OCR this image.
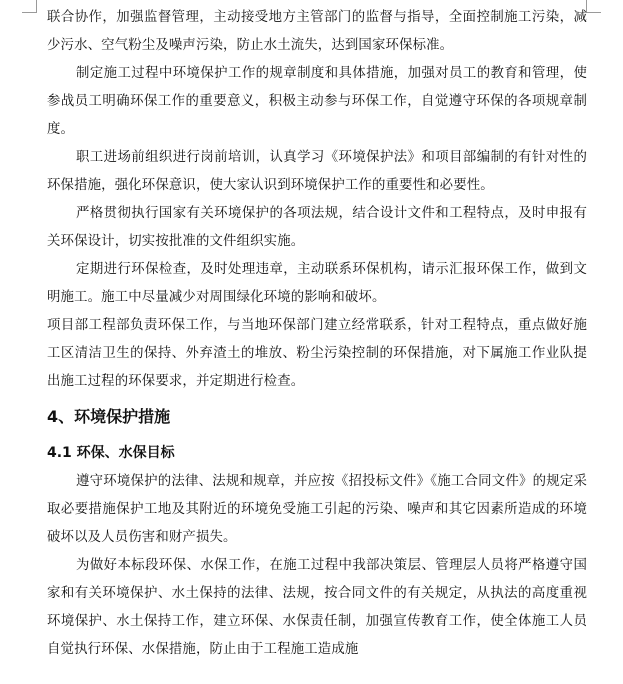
联合协作，加强监督管理，主动接受地方主管部门的监督与指导，全面控制施工污染，减少污水、空气粉尘及噪声污染，防止水土流失，达到国家环保标准。

制定施工过程中环境保护工作的规章制度和具体措施，加强对员工的教育和管理，使参战员工明确环保工作的重要意义，积极主动参与环保工作，自觉遵守环保的各项规章制度。

职工进场前组织进行岗前培训，认真学习《环境保护法》和项目部编制的有针对性的环保措施，强化环保意识，使大家认识到环境保护工作的重要性和必要性。

严格贯彻执行国家有关环境保护的各项法规，结合设计文件和工程特点，及时申报有关环保设计，切实按批准的文件组织实施。

定期进行环保检查，及时处理违章，主动联系环保机构，请示汇报环保工作，做到文明施工。施工中尽量减少对周围绿化环境的影响和破坏。

项目部工程部负责环保工作，与当地环保部门建立经常联系，针对工程特点，重点做好施工区清洁卫生的保持、外弃渣土的堆放、粉尘污染控制的环保措施，对下属施工作业队提出施工过程的环保要求，并定期进行检查。

4、环境保护措施
4.1 环保、水保目标

遵守环境保护的法律、法规和规章，并应按《招投标文件》《施工合同文件》的规定采取必要措施保护工地及其附近的环境免受施工引起的污染、噪声和其它因素所造成的环境破坏以及人员伤害和财产损失。

为做好本标段环保、水保工作，在施工过程中我部决策层、管理层人员将严格遵守国家和有关环境保护、水土保持的法律、法规，按合同文件的有关规定，从执法的高度重视环境保护、水土保持工作，建立环保、水保责任制，加强宣传教育工作，使全体施工人员自觉执行环保、水保措施，防止由于工程施工造成施
